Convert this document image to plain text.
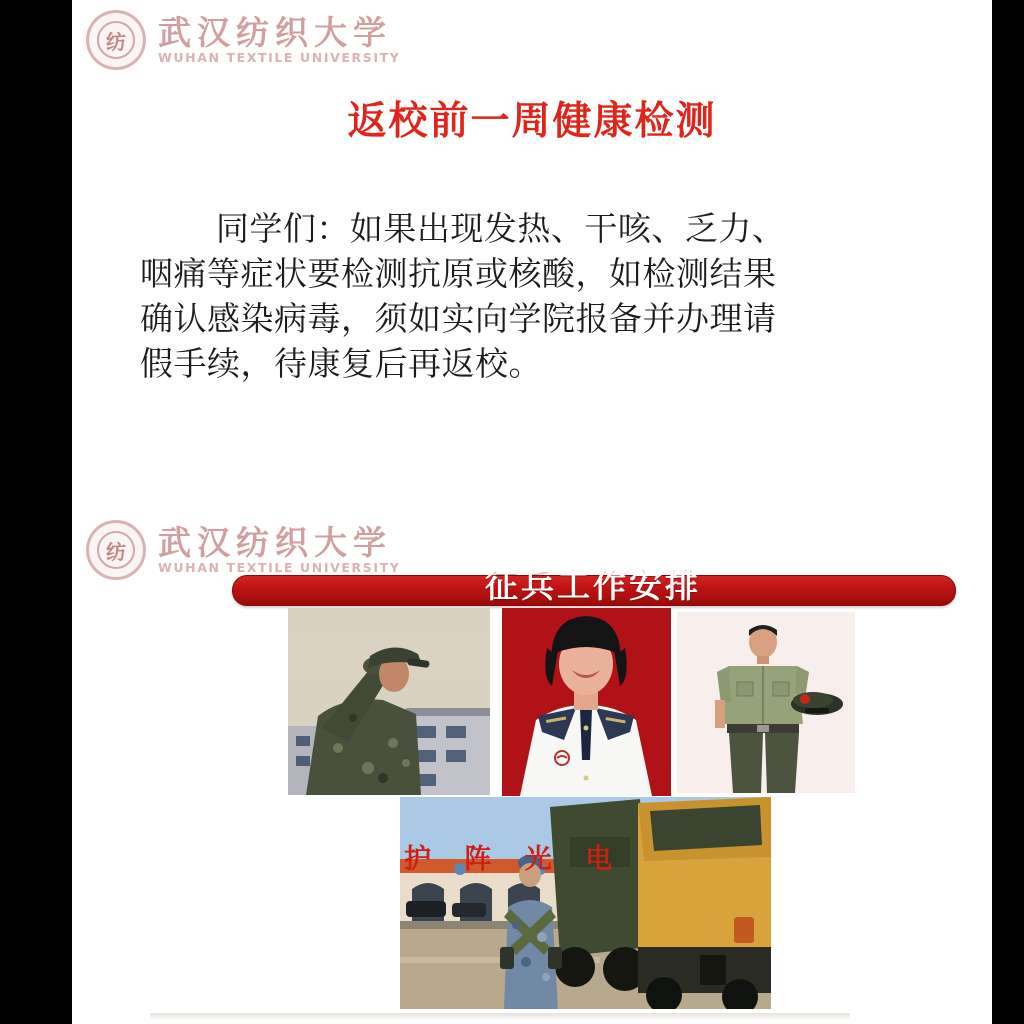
纺 武汉纺织大学
WUHAN TEXTILE UNIVERSITY
返校前一周健康检测
同学们：如果出现发热、干咳、乏力、
咽痛等症状要检测抗原或核酸，如检测结果
确认感染病毒，须如实向学院报备并办理请
假手续，待康复后再返校。
纺 武汉纺织大学
WUHAN TEXTILE UNIVERSITY	征兵工作安排
护 阵 光 电
